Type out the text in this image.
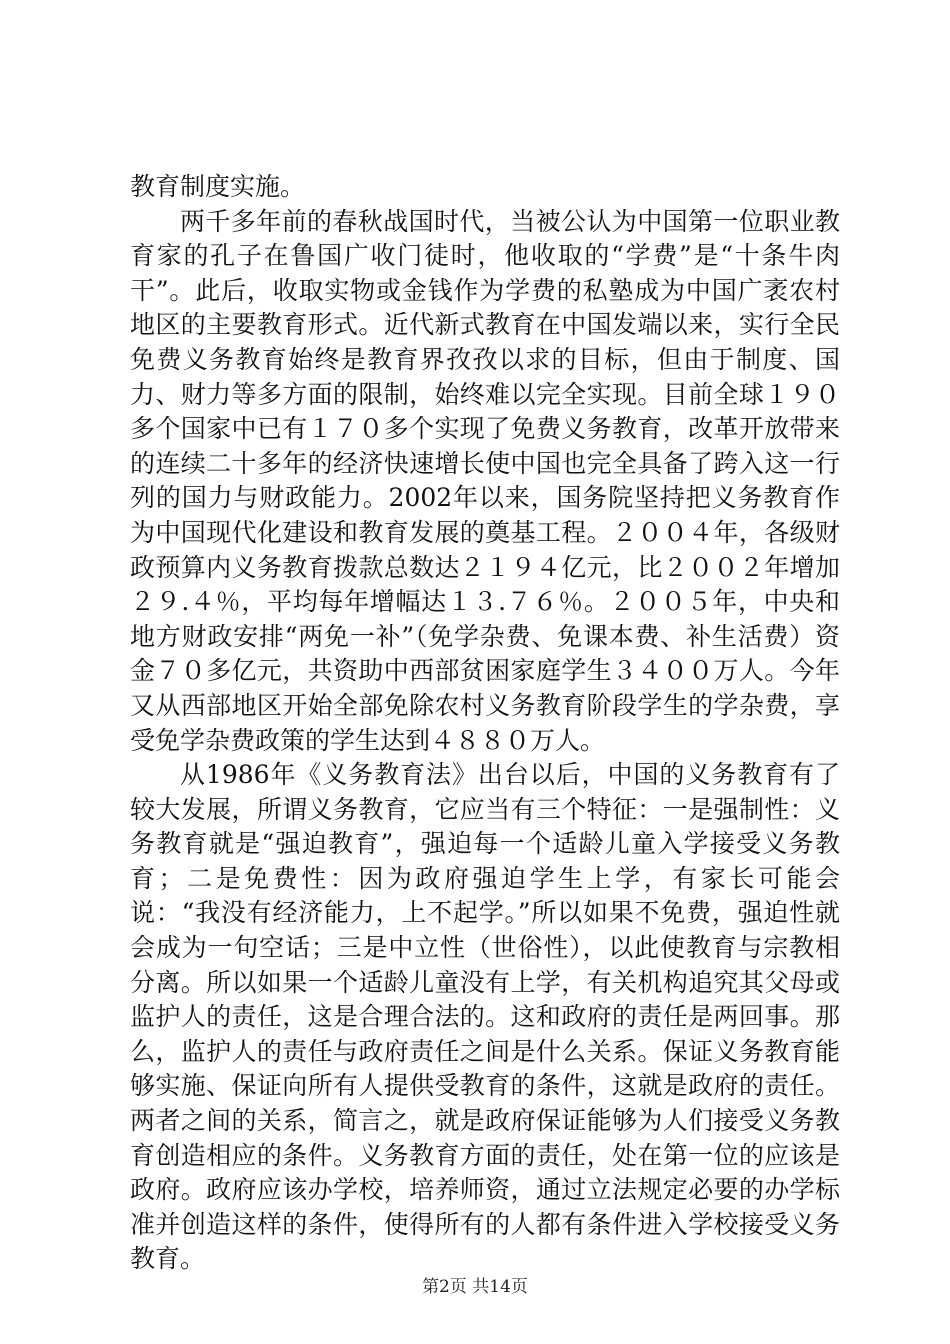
教育制度实施。

两千多年前的春秋战国时代，当被公认为中国第一位职业教育家的孔子在鲁国广收门徒时，他收取的“学费”是“十条牛肉干”。此后，收取实物或金钱作为学费的私塾成为中国广袤农村地区的主要教育形式。近代新式教育在中国发端以来，实行全民免费义务教育始终是教育界孜孜以求的目标，但由于制度、国力、财力等多方面的限制，始终难以完全实现。目前全球１９０多个国家中已有１７０多个实现了免费义务教育，改革开放带来的连续二十多年的经济快速增长使中国也完全具备了跨入这一行列的国力与财政能力。2002年以来，国务院坚持把义务教育作为中国现代化建设和教育发展的奠基工程。２００４年，各级财政预算内义务教育拨款总数达２１９４亿元，比２００２年增加２９.４％，平均每年增幅达１３.７６％。２００５年，中央和地方财政安排“两免一补”（免学杂费、免课本费、补生活费）资金７０多亿元，共资助中西部贫困家庭学生３４００万人。今年又从西部地区开始全部免除农村义务教育阶段学生的学杂费，享受免学杂费政策的学生达到４８８０万人。

从1986年《义务教育法》出台以后，中国的义务教育有了较大发展，所谓义务教育，它应当有三个特征：一是强制性：义务教育就是“强迫教育”，强迫每一个适龄儿童入学接受义务教育；二是免费性：因为政府强迫学生上学，有家长可能会说：“我没有经济能力，上不起学。”所以如果不免费，强迫性就会成为一句空话；三是中立性（世俗性），以此使教育与宗教相分离。所以如果一个适龄儿童没有上学，有关机构追究其父母或监护人的责任，这是合理合法的。这和政府的责任是两回事。那么，监护人的责任与政府责任之间是什么关系。保证义务教育能够实施、保证向所有人提供受教育的条件，这就是政府的责任。两者之间的关系，简言之，就是政府保证能够为人们接受义务教育创造相应的条件。义务教育方面的责任，处在第一位的应该是政府。政府应该办学校，培养师资，通过立法规定必要的办学标准并创造这样的条件，使得所有的人都有条件进入学校接受义务教育。

第2页 共14页
